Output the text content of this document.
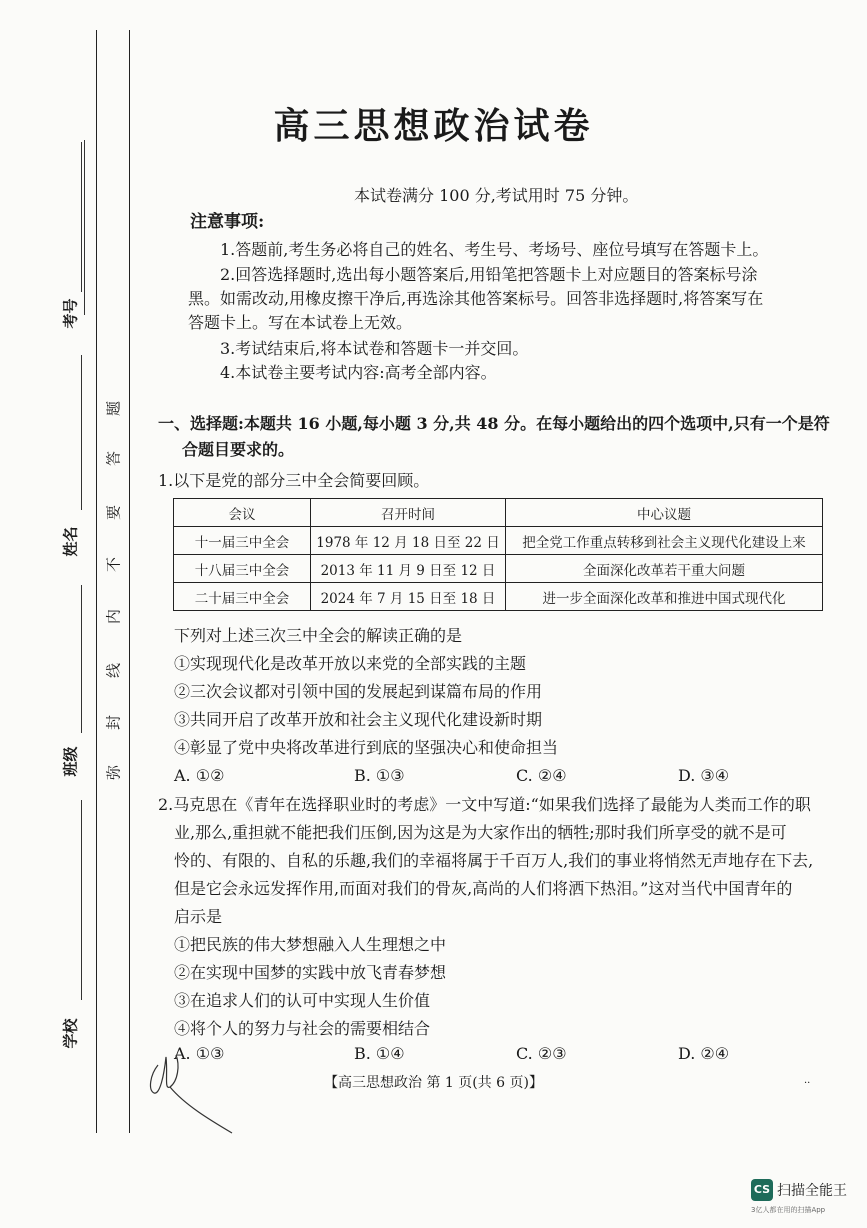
考号
姓名
班级
学校
题
答
要
不
内
线
封
弥
高三思想政治试卷
本试卷满分 100 分,考试用时 75 分钟。
注意事项:
1.答题前,考生务必将自己的姓名、考生号、考场号、座位号填写在答题卡上。
2.回答选择题时,选出每小题答案后,用铅笔把答题卡上对应题目的答案标号涂
黑。如需改动,用橡皮擦干净后,再选涂其他答案标号。回答非选择题时,将答案写在
答题卡上。写在本试卷上无效。
3.考试结束后,将本试卷和答题卡一并交回。
4.本试卷主要考试内容:高考全部内容。
一、选择题:本题共 16 小题,每小题 3 分,共 48 分。在每小题给出的四个选项中,只有一个是符
合题目要求的。
1.以下是党的部分三中全会简要回顾。
会议	召开时间	中心议题
十一届三中全会	1978 年 12 月 18 日至 22 日	把全党工作重点转移到社会主义现代化建设上来
十八届三中全会	2013 年 11 月 9 日至 12 日	全面深化改革若干重大问题
二十届三中全会	2024 年 7 月 15 日至 18 日	进一步全面深化改革和推进中国式现代化
下列对上述三次三中全会的解读正确的是
①实现现代化是改革开放以来党的全部实践的主题
②三次会议都对引领中国的发展起到谋篇布局的作用
③共同开启了改革开放和社会主义现代化建设新时期
④彰显了党中央将改革进行到底的坚强决心和使命担当
A. ①②	B. ①③	C. ②④	D. ③④
2.马克思在《青年在选择职业时的考虑》一文中写道:“如果我们选择了最能为人类而工作的职
业,那么,重担就不能把我们压倒,因为这是为大家作出的牺牲;那时我们所享受的就不是可
怜的、有限的、自私的乐趣,我们的幸福将属于千百万人,我们的事业将悄然无声地存在下去,
但是它会永远发挥作用,而面对我们的骨灰,高尚的人们将洒下热泪。”这对当代中国青年的
启示是
①把民族的伟大梦想融入人生理想之中
②在实现中国梦的实践中放飞青春梦想
③在追求人们的认可中实现人生价值
④将个人的努力与社会的需要相结合
A. ①③	B. ①④	C. ②③	D. ②④
【高三思想政治 第 1 页(共 6 页)】	··
CS 扫描全能王
3亿人都在用的扫描App
